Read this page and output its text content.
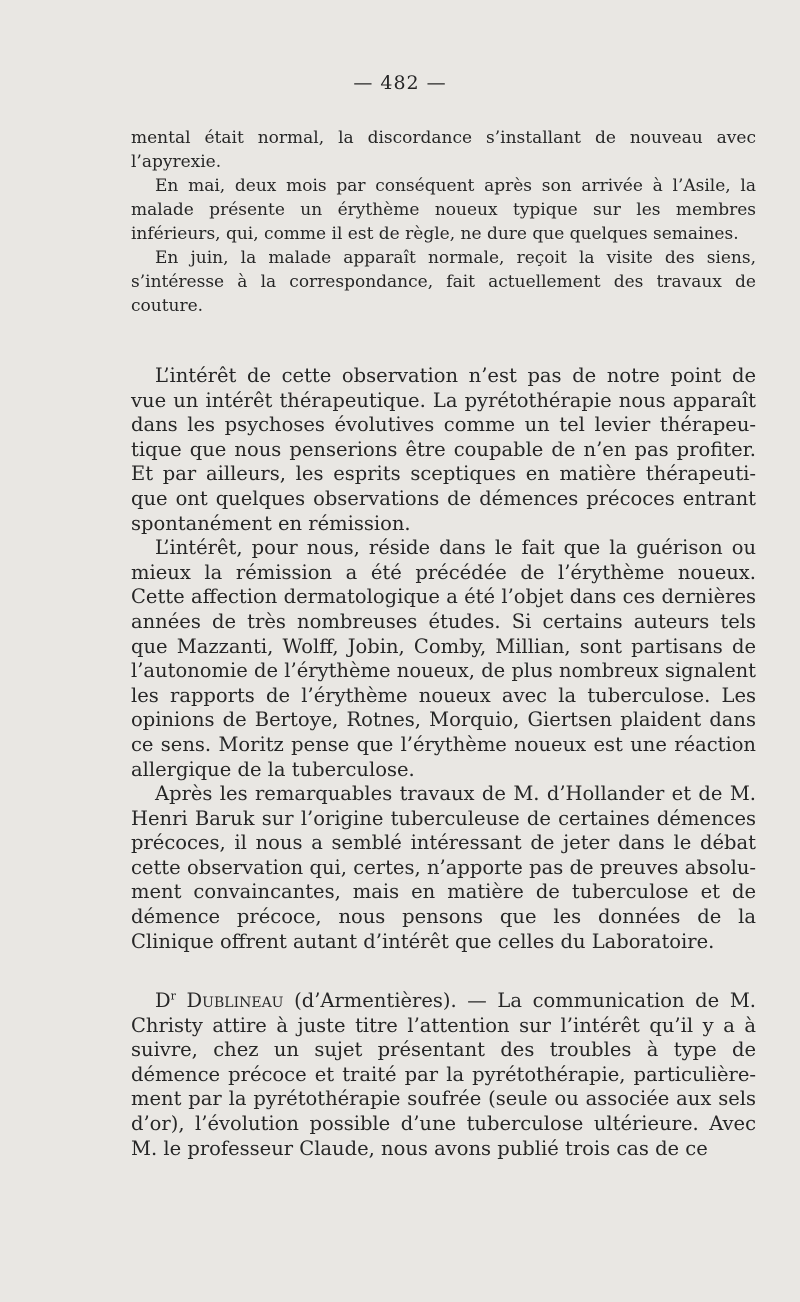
— 482 —

mental était normal, la discordance s’installant de nouveau avec l’apyrexie.

En mai, deux mois par conséquent après son arrivée à l’Asile, la malade présente un érythème noueux typique sur les membres inférieurs, qui, comme il est de règle, ne dure que quelques semaines.

En juin, la malade apparaît normale, reçoit la visite des siens, s’intéresse à la correspondance, fait actuellement des travaux de couture.

L’intérêt de cette observation n’est pas de notre point de vue un intérêt thérapeutique. La pyrétothérapie nous apparaît dans les psychoses évolutives comme un tel levier thérapeutique que nous penserions être coupable de n’en pas profiter. Et par ailleurs, les esprits sceptiques en matière thérapeutique ont quelques observations de démences précoces entrant spontanément en rémission.

L’intérêt, pour nous, réside dans le fait que la guérison ou mieux la rémission a été précédée de l’érythème noueux. Cette affection dermatologique a été l’objet dans ces dernières années de très nombreuses études. Si certains auteurs tels que Mazzanti, Wolff, Jobin, Comby, Millian, sont partisans de l’autonomie de l’érythème noueux, de plus nombreux signalent les rapports de l’érythème noueux avec la tuberculose. Les opinions de Bertoye, Rotnes, Morquio, Giertsen plaident dans ce sens. Moritz pense que l’érythème noueux est une réaction allergique de la tuberculose.

Après les remarquables travaux de M. d’Hollander et de M. Henri Baruk sur l’origine tuberculeuse de certaines démences précoces, il nous a semblé intéressant de jeter dans le débat cette observation qui, certes, n’apporte pas de preuves absolument convaincantes, mais en matière de tuberculose et de démence précoce, nous pensons que les données de la Clinique offrent autant d’intérêt que celles du Laboratoire.

$D^r$ Dublineau (d’Armentières). — La communication de M. Christy attire à juste titre l’attention sur l’intérêt qu’il y a à suivre, chez un sujet présentant des troubles à type de démence précoce et traité par la pyrétothérapie, particulièrement par la pyrétothérapie soufrée (seule ou associée aux sels d’or), l’évolution possible d’une tuberculose ultérieure. Avec M. le professeur Claude, nous avons publié trois cas de ce
